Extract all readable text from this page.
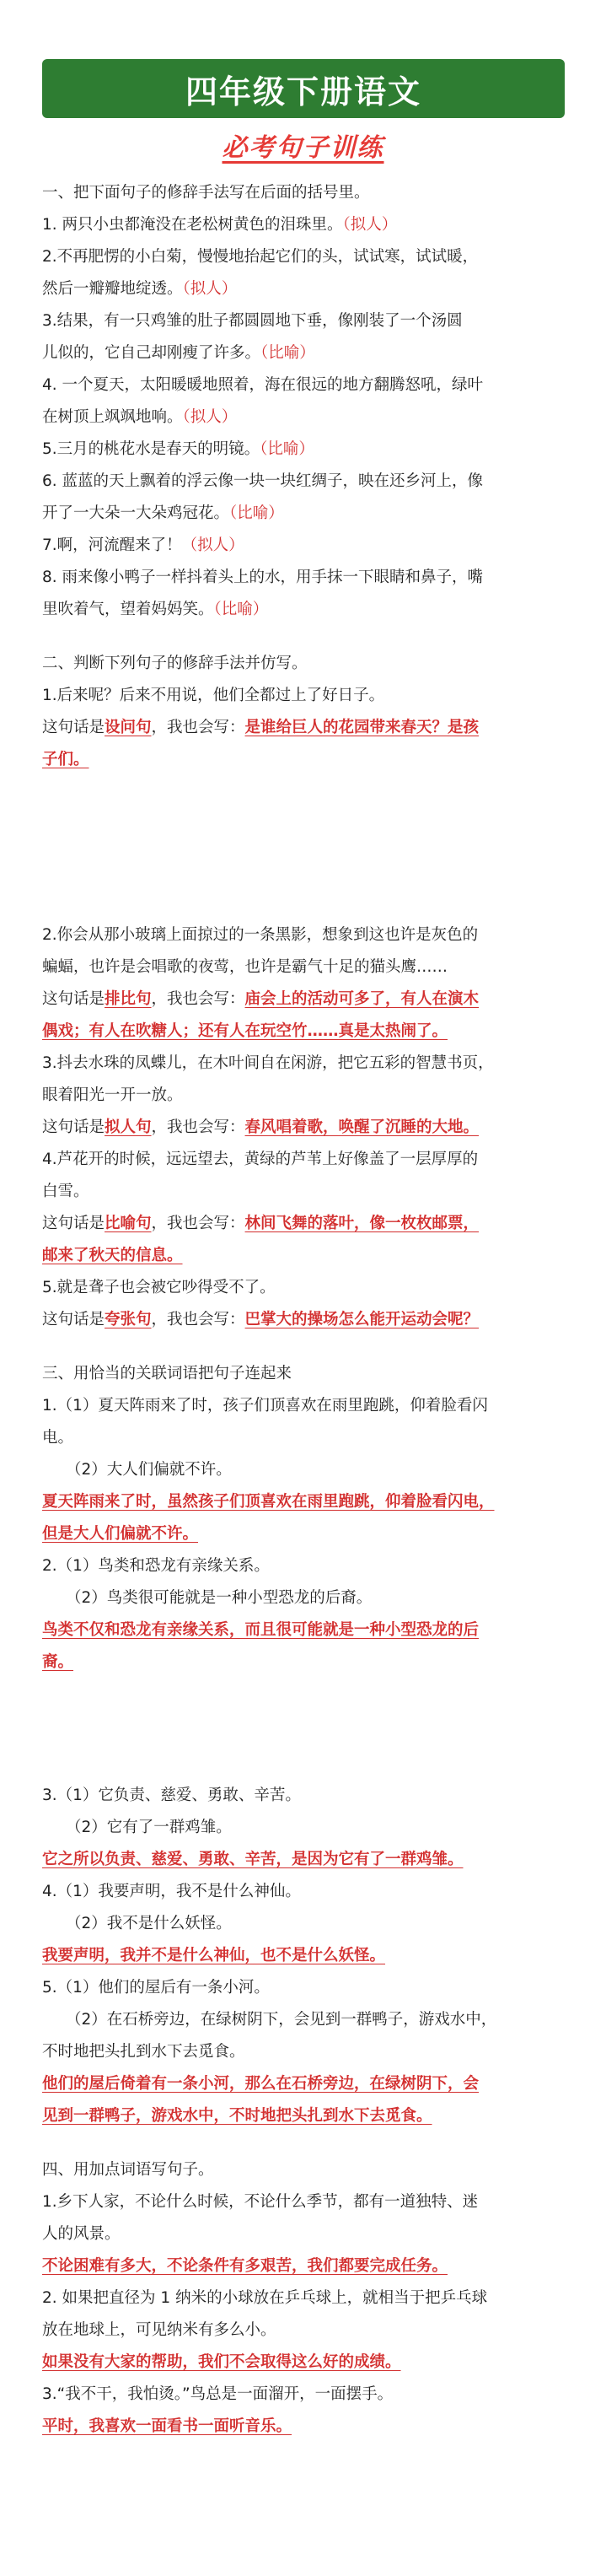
四年级下册语文
必考句子训练
一、把下面句子的修辞手法写在后面的括号里。
1. 两只小虫都淹没在老松树黄色的泪珠里。（拟人）
2.不再肥愣的小白菊，慢慢地抬起它们的头，试试寒，试试暖，
然后一瓣瓣地绽透。（拟人）
3.结果，有一只鸡雏的肚子都圆圆地下垂，像刚装了一个汤圆
儿似的，它自己却刚瘦了许多。（比喻）
4. 一个夏天，太阳暖暖地照着，海在很远的地方翻腾怒吼，绿叶
在树顶上飒飒地响。（拟人）
5.三月的桃花水是春天的明镜。（比喻）
6. 蓝蓝的天上飘着的浮云像一块一块红绸子，映在还乡河上，像
开了一大朵一大朵鸡冠花。（比喻）
7.啊，河流醒来了！（拟人）
8. 雨来像小鸭子一样抖着头上的水，用手抹一下眼睛和鼻子，嘴
里吹着气，望着妈妈笑。（比喻）
二、判断下列句子的修辞手法并仿写。
1.后来呢？后来不用说，他们全都过上了好日子。
这句话是设问句，我也会写：是谁给巨人的花园带来春天？是孩
子们。
2.你会从那小玻璃上面掠过的一条黑影，想象到这也许是灰色的
蝙蝠，也许是会唱歌的夜莺，也许是霸气十足的猫头鹰……
这句话是排比句，我也会写：庙会上的活动可多了，有人在演木
偶戏；有人在吹糖人；还有人在玩空竹……真是太热闹了。
3.抖去水珠的凤蝶儿，在木叶间自在闲游，把它五彩的智慧书页，
眼着阳光一开一放。
这句话是拟人句，我也会写：春风唱着歌，唤醒了沉睡的大地。
4.芦花开的时候，远远望去，黄绿的芦苇上好像盖了一层厚厚的
白雪。
这句话是比喻句，我也会写：林间飞舞的落叶，像一枚枚邮票，
邮来了秋天的信息。
5.就是聋子也会被它吵得受不了。
这句话是夸张句，我也会写：巴掌大的操场怎么能开运动会呢？
三、用恰当的关联词语把句子连起来
1.（1）夏天阵雨来了时，孩子们顶喜欢在雨里跑跳，仰着脸看闪
电。
（2）大人们偏就不许。
夏天阵雨来了时，虽然孩子们顶喜欢在雨里跑跳，仰着脸看闪电，
但是大人们偏就不许。
2.（1）鸟类和恐龙有亲缘关系。
（2）鸟类很可能就是一种小型恐龙的后裔。
鸟类不仅和恐龙有亲缘关系，而且很可能就是一种小型恐龙的后
裔。
3.（1）它负责、慈爱、勇敢、辛苦。
（2）它有了一群鸡雏。
它之所以负责、慈爱、勇敢、辛苦，是因为它有了一群鸡雏。
4.（1）我要声明，我不是什么神仙。
（2）我不是什么妖怪。
我要声明，我并不是什么神仙，也不是什么妖怪。
5.（1）他们的屋后有一条小河。
（2）在石桥旁边，在绿树阴下，会见到一群鸭子，游戏水中，
不时地把头扎到水下去觅食。
他们的屋后倚着有一条小河，那么在石桥旁边，在绿树阴下，会
见到一群鸭子，游戏水中，不时地把头扎到水下去觅食。
四、用加点词语写句子。
1.乡下人家，不论什么时候，不论什么季节，都有一道独特、迷
人的风景。
不论困难有多大，不论条件有多艰苦，我们都要完成任务。
2. 如果把直径为 1 纳米的小球放在乒乓球上，就相当于把乒乓球
放在地球上，可见纳米有多么小。
如果没有大家的帮助，我们不会取得这么好的成绩。
3.“我不干，我怕烫。”鸟总是一面溜开，一面摆手。
平时，我喜欢一面看书一面听音乐。
